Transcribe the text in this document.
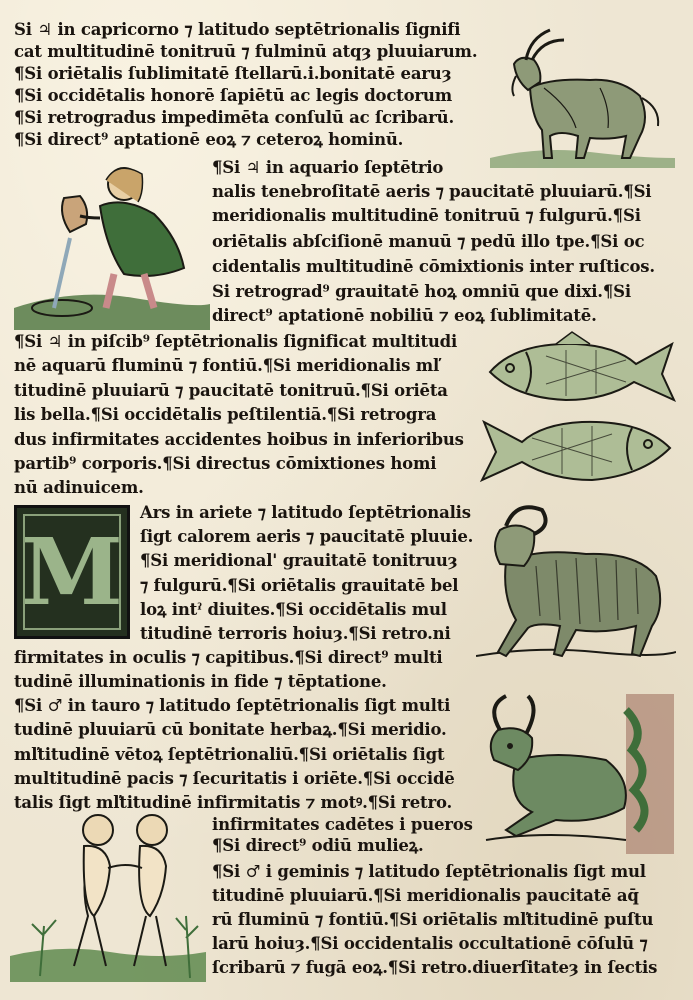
Si ♃ in capricorno ⁊ latitudo septētrionalis ſignifi
cat multitudinē tonitruū ⁊ fulminū atqȝ pluuiarum.
¶Si oriētalis ſublimitatē ſtellarū.i.bonitatē earuȝ
¶Si occidētalis honorē ſapiētū ac legis doctorum
¶Si retrogradus impedimēta conſulū ac ſcribarū.
¶Si direct⁹ aptationē eoꝝ ⁊ ceteroꝝ hominū.
¶Si ♃ in aquario ſeptētrio
nalis tenebroſitatē aeris ⁊ paucitatē pluuiarū.¶Si
meridionalis multitudinē tonitruū ⁊ fulgurū.¶Si
oriētalis abſciſionē manuū ⁊ pedū illo tpe.¶Si oc
cidentalis multitudinē cōmixtionis inter ruſticos.
Si retrograd⁹ grauitatē hoꝝ omniū que dixi.¶Si
direct⁹ aptationē nobiliū ⁊ eoꝝ ſublimitatē.
¶Si ♃ in piſcib⁹ ſeptētrionalis ſignificat multitudi
nē aquarū fluminū ⁊ fontiū.¶Si meridionalis mľ
titudinē pluuiarū ⁊ paucitatē tonitruū.¶Si oriēta
lis bella.¶Si occidētalis peſtilentiā.¶Si retrogra
dus infirmitates accidentes hoibus in inferioribus
partib⁹ corporis.¶Si directus cōmixtiones homi
nū adinuicem.
M
Ars in ariete ⁊ latitudo ſeptētrionalis
ſigt calorem aeris ⁊ paucitatē pluuie.
¶Si meridional' grauitatē tonitruuȝ
⁊ fulgurū.¶Si oriētalis grauitatē bel
loꝝ intˀ diuites.¶Si occidētalis mul
titudinē terroris hoiuȝ.¶Si retro.ni
firmitates in oculis ⁊ capitibus.¶Si direct⁹ multi
tudinē illuminationis in fide ⁊ tēptatione.
¶Si ♂ in tauro ⁊ latitudo ſeptētrionalis ſigt multi
tudinē pluuiarū cū bonitate herbaꝝ.¶Si meridio.
mľtitudinē vētoꝝ ſeptētrionaliū.¶Si oriētalis ſigt
multitudinē pacis ⁊ ſecuritatis i oriēte.¶Si occidē
talis ſigt mľtitudinē infirmitatis ⁊ motꝰ.¶Si retro.
infirmitates cadētes i pueros
¶Si direct⁹ odiū mulieꝝ.
¶Si ♂ i geminis ⁊ latitudo ſeptētrionalis ſigt mul
titudinē pluuiarū.¶Si meridionalis paucitatē aq̄
rū fluminū ⁊ fontiū.¶Si oriētalis mľtitudinē puſtu
larū hoiuȝ.¶Si occidentalis occultationē cōſulū ⁊
ſcribarū ⁊ fugā eoꝝ.¶Si retro.diuerſitateȝ in ſectis
